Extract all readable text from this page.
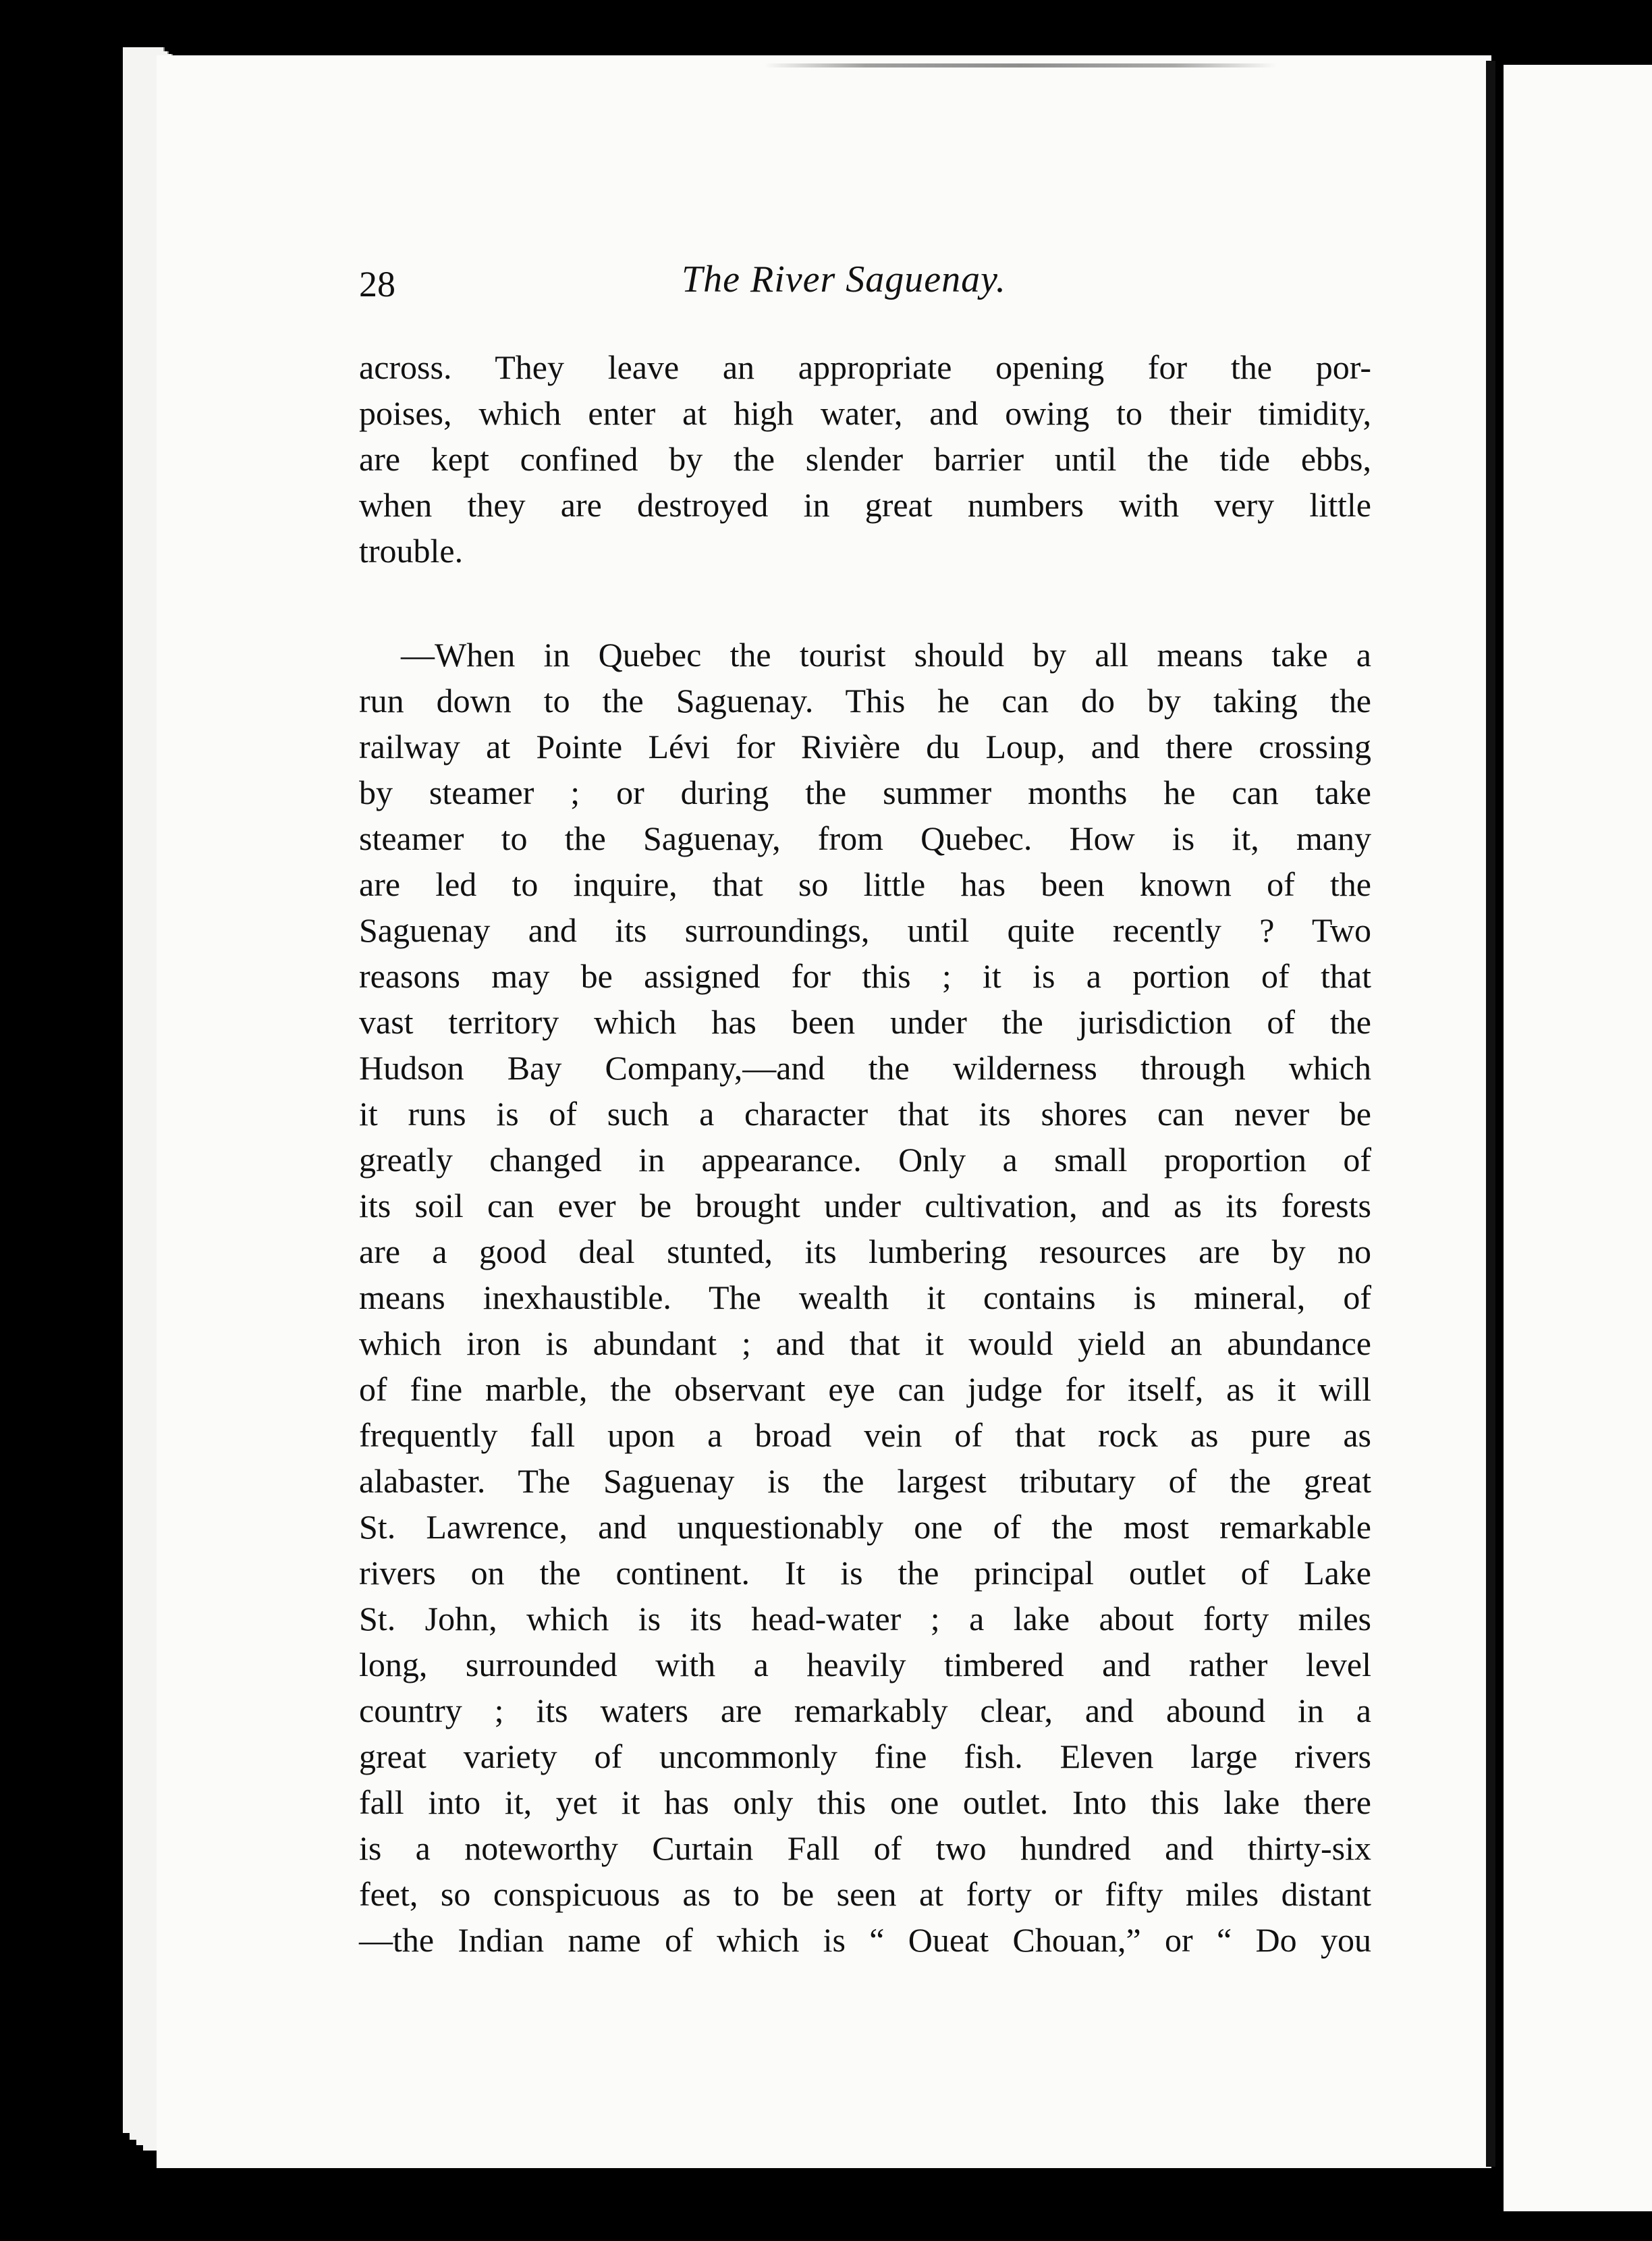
28	The River Saguenay.
across. They leave an appropriate opening for the por-
poises, which enter at high water, and owing to their timidity,
are kept confined by the slender barrier until the tide ebbs,
when they are destroyed in great numbers with very little
trouble.
—When in Quebec the tourist should by all means take a
run down to the Saguenay. This he can do by taking the
railway at Pointe Lévi for Rivière du Loup, and there crossing
by steamer ; or during the summer months he can take
steamer to the Saguenay, from Quebec. How is it, many
are led to inquire, that so little has been known of the
Saguenay and its surroundings, until quite recently ? Two
reasons may be assigned for this ; it is a portion of that
vast territory which has been under the jurisdiction of the
Hudson Bay Company,—and the wilderness through which
it runs is of such a character that its shores can never be
greatly changed in appearance. Only a small proportion of
its soil can ever be brought under cultivation, and as its forests
are a good deal stunted, its lumbering resources are by no
means inexhaustible. The wealth it contains is mineral, of
which iron is abundant ; and that it would yield an abundance
of fine marble, the observant eye can judge for itself, as it will
frequently fall upon a broad vein of that rock as pure as
alabaster. The Saguenay is the largest tributary of the great
St. Lawrence, and unquestionably one of the most remarkable
rivers on the continent. It is the principal outlet of Lake
St. John, which is its head-water ; a lake about forty miles
long, surrounded with a heavily timbered and rather level
country ; its waters are remarkably clear, and abound in a
great variety of uncommonly fine fish. Eleven large rivers
fall into it, yet it has only this one outlet. Into this lake there
is a noteworthy Curtain Fall of two hundred and thirty-six
feet, so conspicuous as to be seen at forty or fifty miles distant
—the Indian name of which is “ Oueat Chouan,” or “ Do you
